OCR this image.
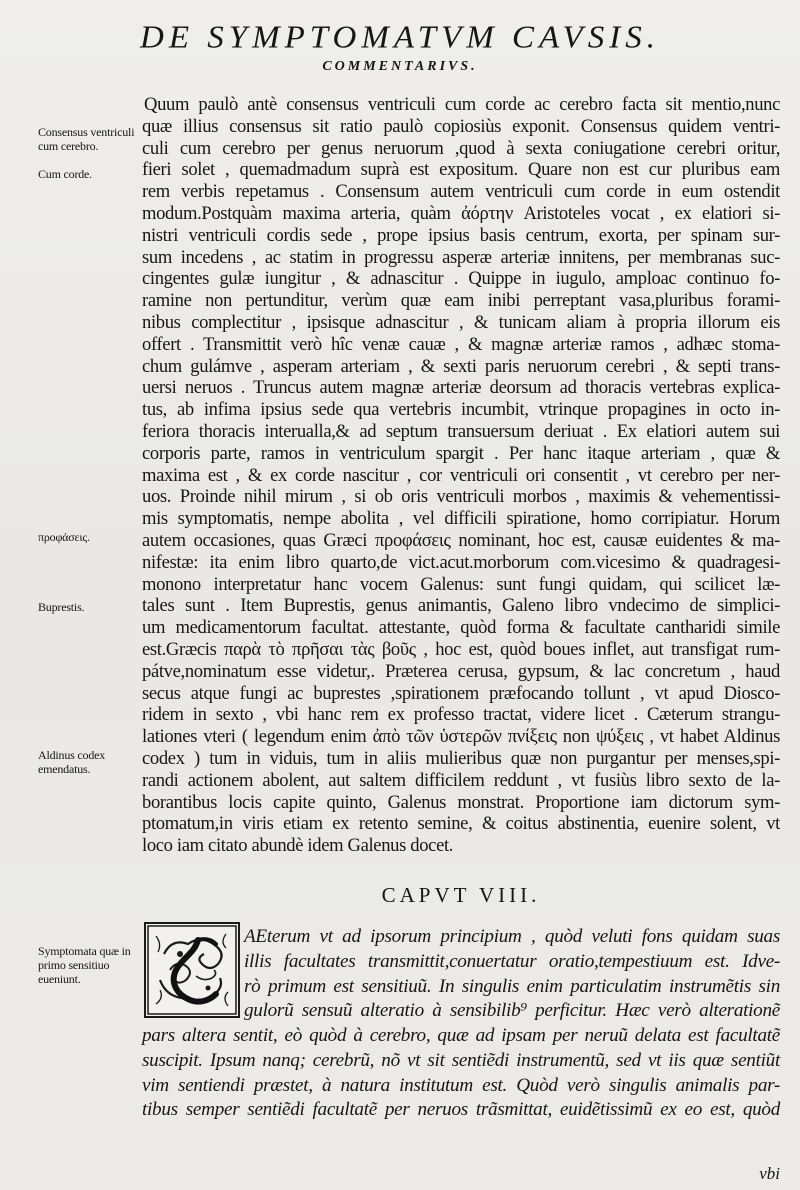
DE SYMPTOMATVM CAVSIS.
COMMENTARIVS.
Consensus ventriculi cum cerebro.
Cum corde.
προφάσεις.
Buprestis.
Aldinus codex emendatus.
Symptomata quæ in primo sensitiuo eueniunt.
Quum paulò antè consensus ventriculi cum corde ac cerebro facta sit mentio,nunc
quæ illius consensus sit ratio paulò copiosiùs exponit. Consensus quidem ventri-
culi cum cerebro per genus neruorum ,quod à sexta coniugatione cerebri oritur,
fieri solet , quemadmadum suprà est expositum. Quare non est cur pluribus eam
rem verbis repetamus . Consensum autem ventriculi cum corde in eum ostendit
modum.Postquàm maxima arteria, quàm ἀόρτην Aristoteles vocat , ex elatiori si-
nistri ventriculi cordis sede , prope ipsius basis centrum, exorta, per spinam sur-
sum incedens , ac statim in progressu asperæ arteriæ innitens, per membranas suc-
cingentes gulæ iungitur , & adnascitur . Quippe in iugulo, amploac continuo fo-
ramine non pertunditur, verùm quæ eam inibi perreptant vasa,pluribus forami-
nibus complectitur , ipsisque adnascitur , & tunicam aliam à propria illorum eis
offert . Transmittit verò hîc venæ cauæ , & magnæ arteriæ ramos , adhæc stoma-
chum gulámve , asperam arteriam , & sexti paris neruorum cerebri , & septi trans-
uersi neruos . Truncus autem magnæ arteriæ deorsum ad thoracis vertebras explica-
tus, ab infima ipsius sede qua vertebris incumbit, vtrinque propagines in octo in-
feriora thoracis interualla,& ad septum transuersum deriuat . Ex elatiori autem sui
corporis parte, ramos in ventriculum spargit . Per hanc itaque arteriam , quæ &
maxima est , & ex corde nascitur , cor ventriculi ori consentit , vt cerebro per ner-
uos. Proinde nihil mirum , si ob oris ventriculi morbos , maximis & vehementissi-
mis symptomatis, nempe abolita , vel difficili spiratione, homo corripiatur. Horum
autem occasiones, quas Græci προφάσεις nominant, hoc est, causæ euidentes & ma-
nifestæ: ita enim libro quarto,de vict.acut.morborum com.vicesimo & quadragesi-
monono interpretatur hanc vocem Galenus: sunt fungi quidam, qui scilicet læ-
tales sunt . Item Buprestis, genus animantis, Galeno libro vndecimo de simplici-
um medicamentorum facultat. attestante, quòd forma & facultate cantharidi simile
est.Græcis παρὰ τὸ πρῆσαι τὰς βοῦς , hoc est, quòd boues inflet, aut transfigat rum-
pátve,nominatum esse videtur,. Præterea cerusa, gypsum, & lac concretum , haud
secus atque fungi ac buprestes ,spirationem præfocando tollunt , vt apud Diosco-
ridem in sexto , vbi hanc rem ex professo tractat, videre licet . Cæterum strangu-
lationes vteri ( legendum enim ἀπὸ τῶν ὑστερῶν πνίξεις non ψύξεις , vt habet Aldinus
codex ) tum in viduis, tum in aliis mulieribus quæ non purgantur per menses,spi-
randi actionem abolent, aut saltem difficilem reddunt , vt fusiùs libro sexto de la-
borantibus locis capite quinto, Galenus monstrat. Proportione iam dictorum sym-
ptomatum,in viris etiam ex retento semine, & coitus abstinentia, euenire solent, vt
loco iam citato abundè idem Galenus docet.
CAPVT VIII.
AEterum vt ad ipsorum principium , quòd veluti fons quidam suas
illis facultates transmittit,conuertatur oratio,tempestiuum est. Idve-
rò primum est sensitiuũ. In singulis enim particulatim instrumẽtis sin
gulorũ sensuũ alteratio à sensibilib⁹ perficitur. Hæc verò alterationẽ
pars altera sentit, eò quòd à cerebro, quæ ad ipsam per neruũ delata est facultatẽ
suscipit. Ipsum nanq; cerebrũ, nõ vt sit sentiẽdi instrumentũ, sed vt iis quæ sentiũt
vim sentiendi præstet, à natura institutum est. Quòd verò singulis animalis par-
tibus semper sentiẽdi facultatẽ per neruos trãsmittat, euidẽtissimũ ex eo est, quòd
vbi
